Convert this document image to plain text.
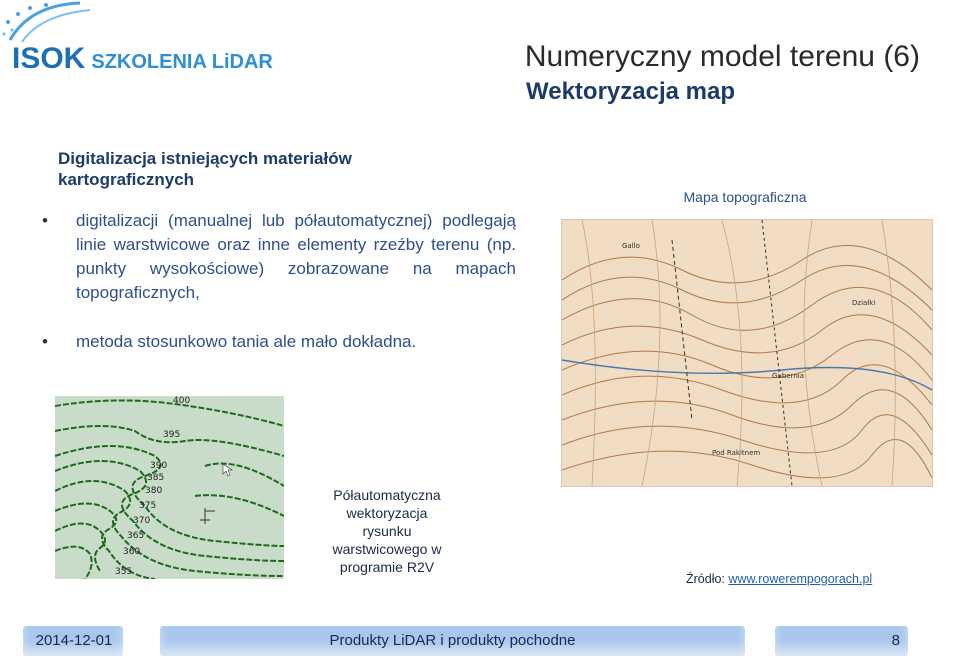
ISOK SZKOLENIA LiDAR	Numeryczny model terenu (6)
Wektoryzacja map
Digitalizacja istniejących materiałów
kartograficznych
• digitalizacji (manualnej lub półautomatycznej) podlegają linie warstwicowe oraz inne elementy rzeźby terenu (np. punkty wysokościowe) zobrazowane na mapach topograficznych,
• metoda stosunkowo tania ale mało dokładna.
Mapa topograficzna
Gallo
Gubernia
Działki
Pod Rakitnem
400
395
390
385
380
375
370
365
360
355
Półautomatyczna
wektoryzacja
rysunku
warstwicowego w
programie R2V
Źródło: www.rowerempogorach.pl
2014-12-01	Produkty LiDAR i produkty pochodne	8
